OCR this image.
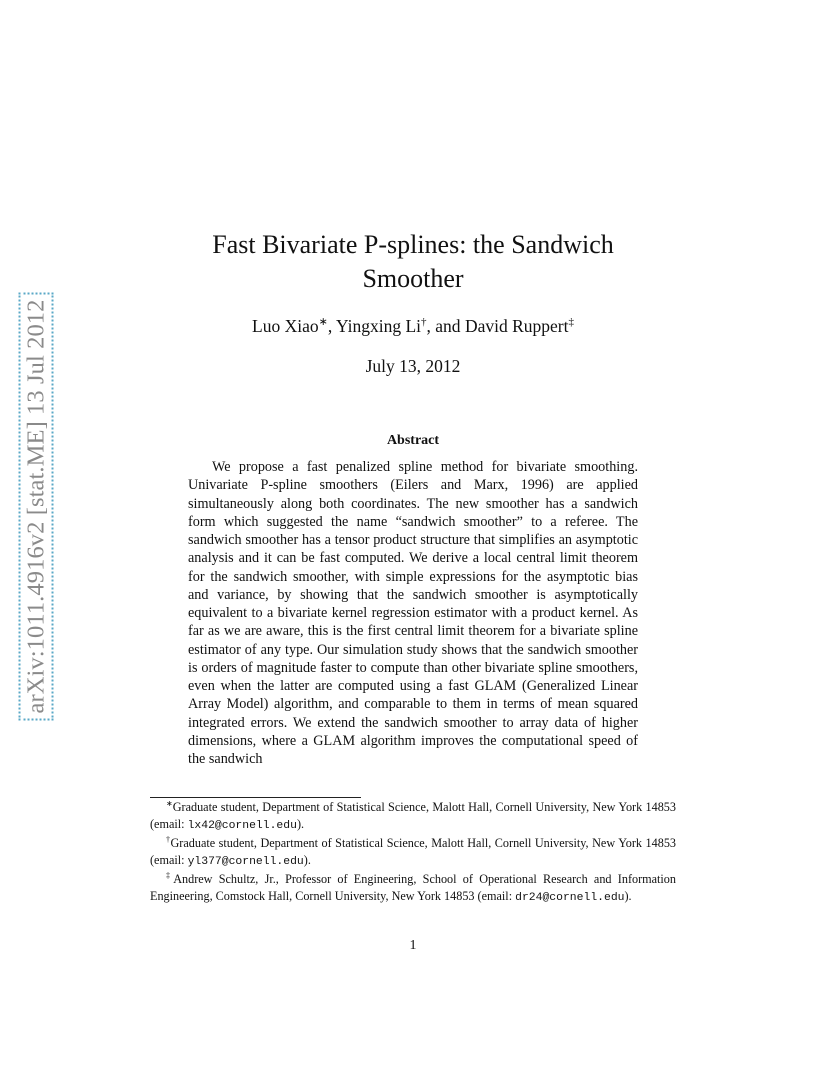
arXiv:1011.4916v2 [stat.ME] 13 Jul 2012
Fast Bivariate P-splines: the Sandwich
Smoother
Luo Xiao∗, Yingxing Li†, and David Ruppert‡
July 13, 2012
Abstract
We propose a fast penalized spline method for bivariate smoothing. Univariate P-spline smoothers (Eilers and Marx, 1996) are applied simultaneously along both coordinates. The new smoother has a sandwich form which suggested the name “sandwich smoother” to a referee. The sandwich smoother has a tensor product structure that simplifies an asymptotic analysis and it can be fast computed. We derive a local central limit theorem for the sandwich smoother, with simple expressions for the asymptotic bias and variance, by showing that the sandwich smoother is asymptotically equivalent to a bivariate kernel regression estimator with a product kernel. As far as we are aware, this is the first central limit theorem for a bivariate spline estimator of any type. Our simulation study shows that the sandwich smoother is orders of magnitude faster to compute than other bivariate spline smoothers, even when the latter are computed using a fast GLAM (Generalized Linear Array Model) algorithm, and comparable to them in terms of mean squared integrated errors. We extend the sandwich smoother to array data of higher dimensions, where a GLAM algorithm improves the computational speed of the sandwich

∗Graduate student, Department of Statistical Science, Malott Hall, Cornell University, New York 14853 (email: lx42@cornell.edu).

†Graduate student, Department of Statistical Science, Malott Hall, Cornell University, New York 14853 (email: yl377@cornell.edu).

‡Andrew Schultz, Jr., Professor of Engineering, School of Operational Research and Information Engineering, Comstock Hall, Cornell University, New York 14853 (email: dr24@cornell.edu).

1
